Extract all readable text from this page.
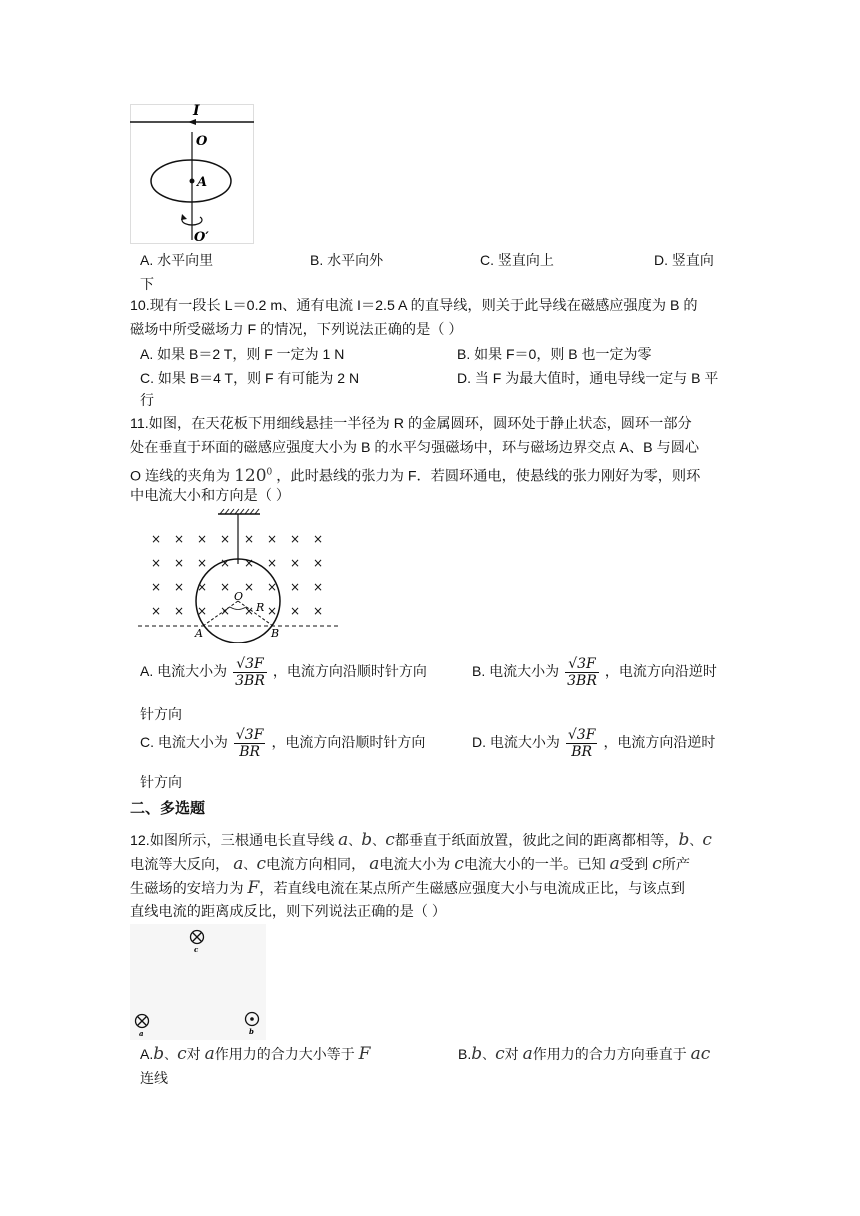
I
O
A
O′
A. 水平向里	B. 水平向外	C. 竖直向上	D. 竖直向
下
10.现有一段长 L＝0.2 m、通有电流 I＝2.5 A 的直导线，则关于此导线在磁感应强度为 B 的
磁场中所受磁场力 F 的情况，下列说法正确的是（ ）
A. 如果 B＝2 T，则 F 一定为 1 N	B. 如果 F＝0，则 B 也一定为零
C. 如果 B＝4 T，则 F 有可能为 2 N	D. 当 F 为最大值时，通电导线一定与 B 平
行
11.如图，在天花板下用细线悬挂一半径为 R 的金属圆环，圆环处于静止状态，圆环一部分
处在垂直于环面的磁感应强度大小为 B 的水平匀强磁场中，环与磁场边界交点 A、B 与圆心
O 连线的夹角为 $120^0$ ，此时悬线的张力为 F．若圆环通电，使悬线的张力刚好为零，则环
中电流大小和方向是（ ）
× × × × × × × ×
× × × × × × × ×
× × × × × × × ×
× × × × × × × ×
O
R
A	B
A. 电流大小为 $\frac{√3F}{3BR}$ ，电流方向沿顺时针方向	B. 电流大小为 $\frac{√3F}{3BR}$ ，电流方向沿逆时
针方向
C. 电流大小为 $\frac{√3F}{BR}$ ，电流方向沿顺时针方向	D. 电流大小为 $\frac{√3F}{BR}$ ，电流方向沿逆时
针方向
二、多选题
12.如图所示，三根通电长直导线 a、b、c都垂直于纸面放置，彼此之间的距离都相等，b、c
电流等大反向， a、c电流方向相同， a电流大小为 c电流大小的一半。已知 a受到 c所产
生磁场的安培力为 F，若直线电流在某点所产生磁感应强度大小与电流成正比，与该点到
直线电流的距离成反比，则下列说法正确的是（ ）
c
a	b
A.b、c对 a作用力的合力大小等于 F
连线
B.b、c对 a作用力的合力方向垂直于 ac
